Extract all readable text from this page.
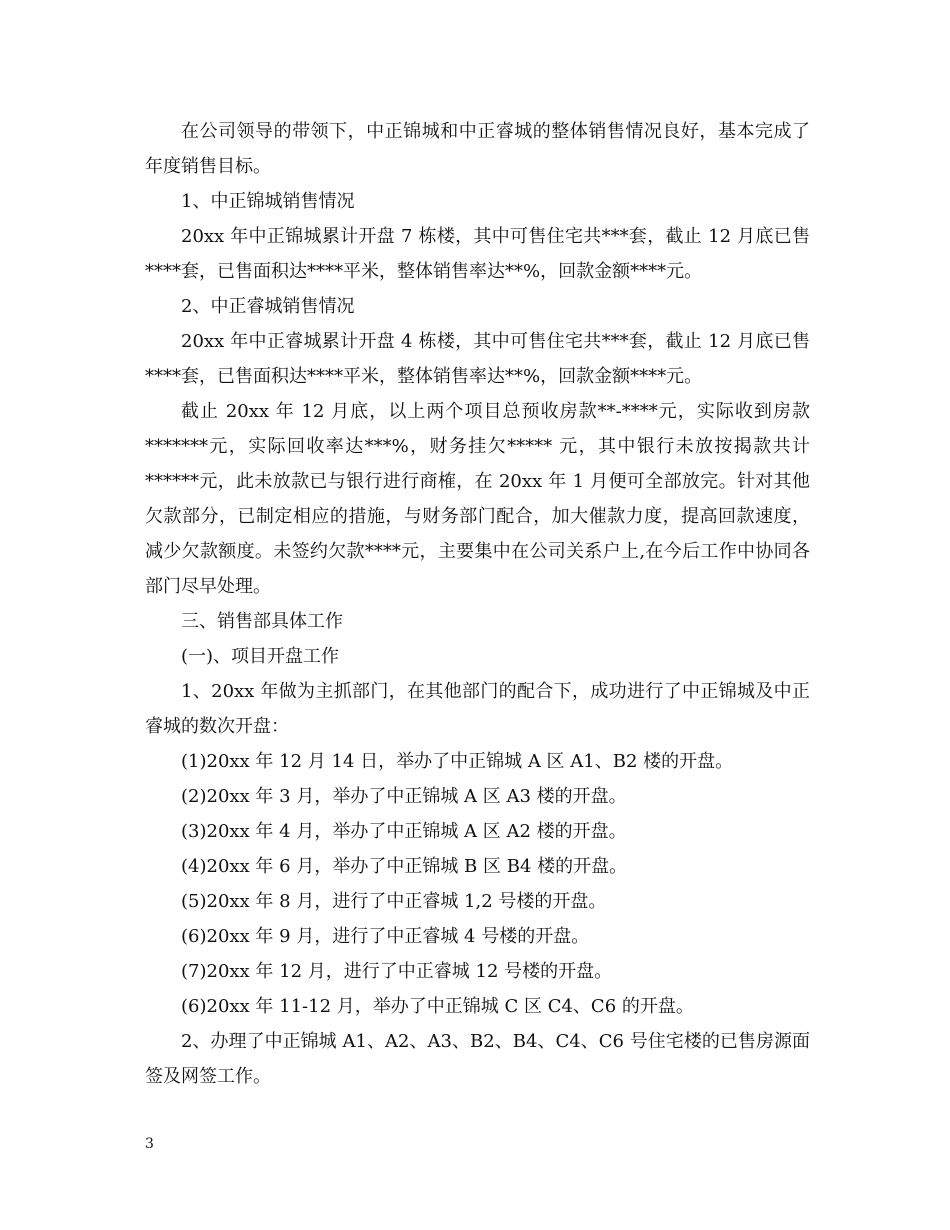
在公司领导的带领下，中正锦城和中正睿城的整体销售情况良好，基本完成了年度销售目标。

1、中正锦城销售情况

20xx 年中正锦城累计开盘 7 栋楼，其中可售住宅共***套，截止 12 月底已售****套，已售面积达****平米，整体销售率达**%，回款金额****元。

2、中正睿城销售情况

20xx 年中正睿城累计开盘 4 栋楼，其中可售住宅共***套，截止 12 月底已售****套，已售面积达****平米，整体销售率达**%，回款金额****元。

截止 20xx 年 12 月底，以上两个项目总预收房款**-****元，实际收到房款*******元，实际回收率达***%，财务挂欠***** 元，其中银行未放按揭款共计******元，此未放款已与银行进行商榷，在 20xx 年 1 月便可全部放完。针对其他欠款部分，已制定相应的措施，与财务部门配合，加大催款力度，提高回款速度，减少欠款额度。未签约欠款****元，主要集中在公司关系户上,在今后工作中协同各部门尽早处理。

三、销售部具体工作

(一)、项目开盘工作

1、20xx 年做为主抓部门，在其他部门的配合下，成功进行了中正锦城及中正睿城的数次开盘：

(1)20xx 年 12 月 14 日，举办了中正锦城 A 区 A1、B2 楼的开盘。

(2)20xx 年 3 月，举办了中正锦城 A 区 A3 楼的开盘。

(3)20xx 年 4 月，举办了中正锦城 A 区 A2 楼的开盘。

(4)20xx 年 6 月，举办了中正锦城 B 区 B4 楼的开盘。

(5)20xx 年 8 月，进行了中正睿城 1,2 号楼的开盘。

(6)20xx 年 9 月，进行了中正睿城 4 号楼的开盘。

(7)20xx 年 12 月，进行了中正睿城 12 号楼的开盘。

(6)20xx 年 11-12 月，举办了中正锦城 C 区 C4、C6 的开盘。

2、办理了中正锦城 A1、A2、A3、B2、B4、C4、C6 号住宅楼的已售房源面签及网签工作。

3
